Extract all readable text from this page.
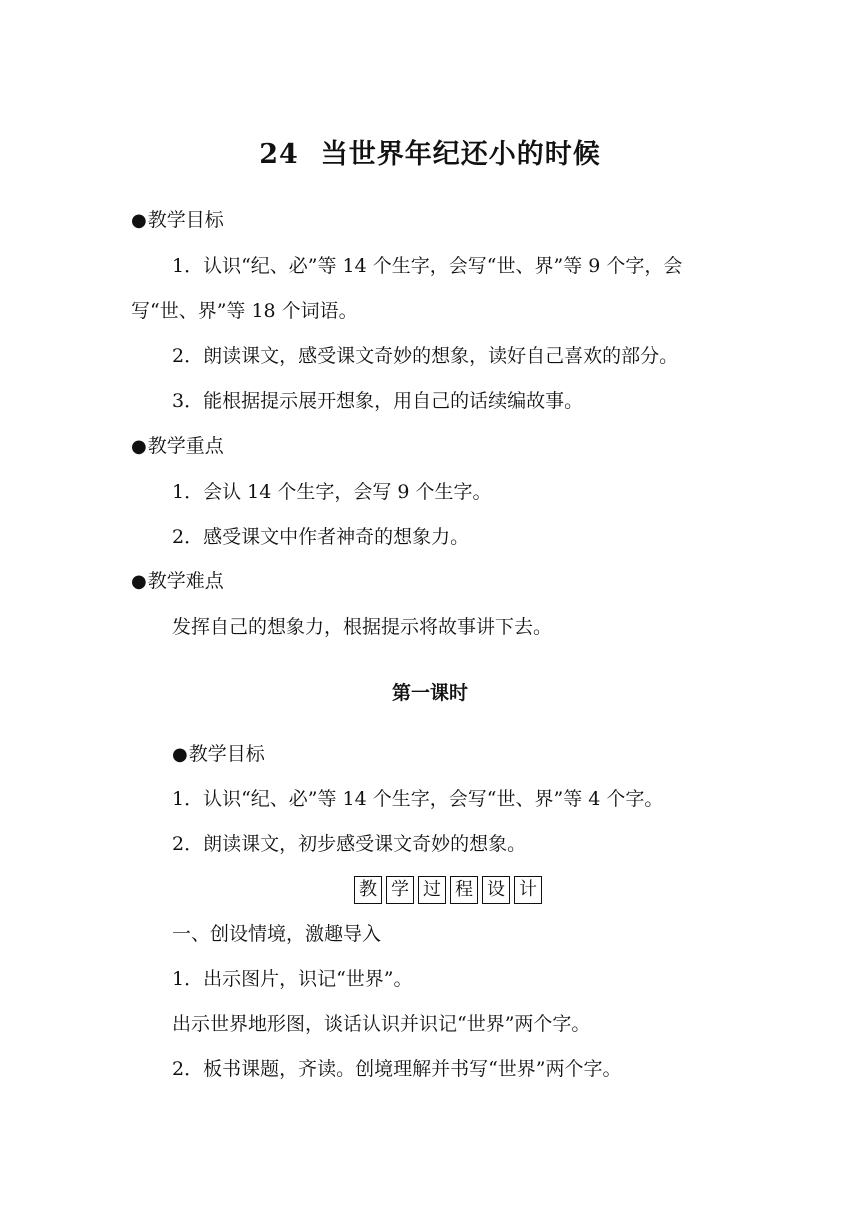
24 当世界年纪还小的时候

● 教学目标

1．认识“纪、必”等 14 个生字，会写“世、界”等 9 个字，会

写“世、界”等 18 个词语。

2．朗读课文，感受课文奇妙的想象，读好自己喜欢的部分。

3．能根据提示展开想象，用自己的话续编故事。

● 教学重点

1．会认 14 个生字，会写 9 个生字。

2．感受课文中作者神奇的想象力。

● 教学难点

发挥自己的想象力，根据提示将故事讲下去。

第一课时

● 教学目标

1．认识“纪、必”等 14 个生字，会写“世、界”等 4 个字。

2．朗读课文，初步感受课文奇妙的想象。

教 学 过 程 设 计

一、创设情境，激趣导入

1．出示图片，识记“世界”。

出示世界地形图，谈话认识并识记“世界”两个字。

2．板书课题，齐读。创境理解并书写“世界”两个字。
